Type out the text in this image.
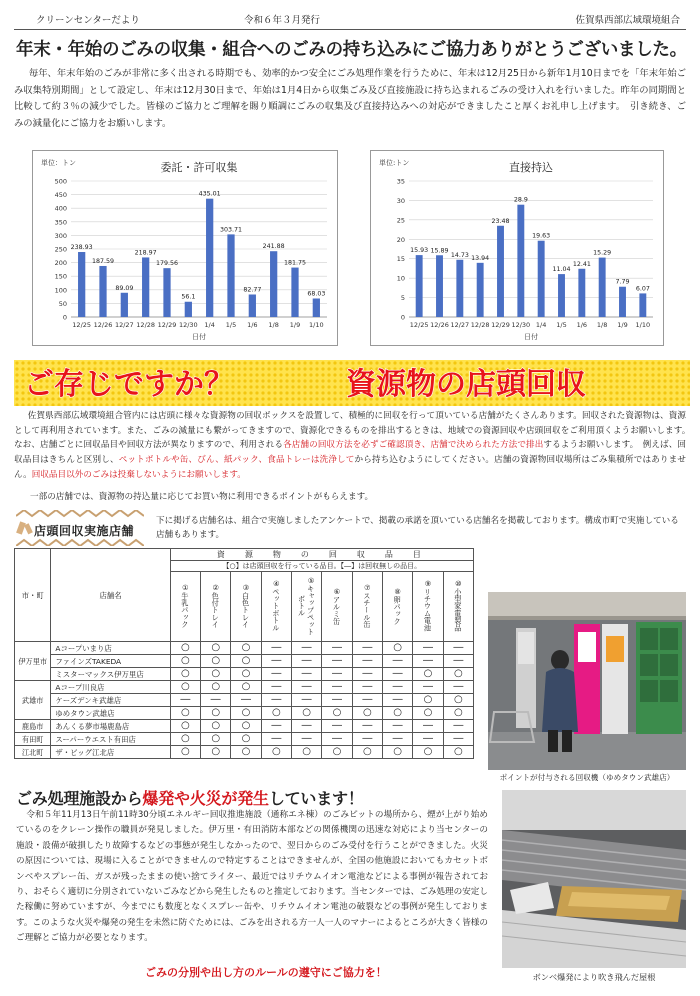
クリーンセンターだより	令和６年３月発行	佐賀県西部広域環境組合
年末・年始のごみの収集・組合へのごみの持ち込みにご協力ありがとうございました。
毎年、年末年始のごみが非常に多く出される時期でも、効率的かつ安全にごみ処理作業を行うために、年末は12月25日から新年1月10日までを「年末年始ごみ収集特別期間」として設定し、年末は12月30日まで、年始は1月4日から収集ごみ及び直接施設に持ち込まれるごみの受け入れを行いました。昨年の同期間と比較して約３％の減少でした。皆様のご協力とご理解を賜り順調にごみの収集及び直接持込みへの対応ができましたこと厚くお礼申し上げます。　引き続き、ごみの減量化にご協力をお願いします。
単位：トン	委託・許可収集
0
50
100
150
200
250
300
350
400
450
500
238.93
12/25
187.59
12/26
89.09
12/27
218.97
12/28
179.56
12/29
56.1
12/30
435.01
1/4
303.71
1/5
82.77
1/6
241.88
1/8
181.75
1/9
68.03
1/10
日付
単位:トン	直接持込
0
5
10
15
20
25
30
35
15.93
12/25
15.89
12/26
14.73
12/27
13.94
12/28
23.48
12/29
28.9
12/30
19.63
1/4
11.04
1/5
12.41
1/6
15.29
1/8
7.79
1/9
6.07
1/10
日付
ご存じですか？	資源物の店頭回収
佐賀県西部広域環境組合管内には店頭に様々な資源物の回収ボックスを設置して、積極的に回収を行って頂いている店舗がたくさんあります。回収された資源物は、資源として再利用されています。また、ごみの減量にも繋がってきますので、資源化できるものを排出するときは、地域での資源回収や店頭回収をご利用頂くようお願いします。　なお、店舗ごとに回収品目や回収方法が異なりますので、利用される各店舗の回収方法を必ずご確認頂き、店舗で決められた方法で排出するようお願いします。　例えば、回収品目はきちんと区別し、ペットボトルや缶、びん、紙パック、食品トレーは洗浄してから持ち込むようにしてください。店舗の資源物回収場所はごみ集積所ではありません。回収品目以外のごみは投棄しないようにお願いします。
一部の店舗では、資源物の持込量に応じてお買い物に利用できるポイントがもらえます。
店頭回収実施店舗
下に掲げる店舗名は、組合で実施しましたアンケートで、掲載の承諾を頂いている店舗名を掲載しております。構成市町で実施している店舗もあります。
市・町	店舗名	資　源　物　の　回　収　品　目									
		【○】は店頭回収を行っている品目。【―】は回収無しの品目。									
		①牛乳パック	②色付トレイ	③白色トレイ	④ペットボトル	⑤キャップペットボトル	⑥アルミ缶	⑦スチール缶	⑧卵パック	⑨リチウム電池	⑩小型家電製品
伊万里市	Aコープいまり店	○	○	○	―	―	―	―	○	―	―
	ファインズTAKEDA	○	○	○	―	―	―	―	―	―	―
	ミスターマックス伊万里店	○	○	○	―	―	―	―	―	○	○
武雄市	Aコープ川良店	○	○	○	―	―	―	―	―	―	―
	ケーズデンキ武雄店	―	―	―	―	―	―	―	―	○	○
	ゆめタウン武雄店	○	○	○	○	○	○	○	○	○	○
鹿島市	あんくる夢市場鹿島店	○	○	○	―	―	―	―	―	―	―
有田町	スーパーウエスト有田店	○	○	○	―	―	―	―	―	―	―
江北町	ザ・ビッグ江北店	○	○	○	○	○	○	○	○	○	○
ポイントが付与される回収機（ゆめタウン武雄店）
ごみ処理施設から爆発や火災が発生しています！
令和５年11月13日午前11時30分頃エネルギー回収推進施設（通称エネ棟）のごみピットの場所から、煙が上がり始めているのをクレーン操作の職員が発見しました。伊万里・有田消防本部などの関係機関の迅速な対応により当センターの施設・設備が破損したり故障するなどの事態が発生しなかったので、翌日からのごみ受付を行うことができました。火災の原因については、現場に入ることができませんので特定することはできませんが、全国の他施設においてもカセットボンベやスプレー缶、ガスが残ったままの使い捨てライター、最近ではリチウムイオン電池などによる事例が報告されており、おそらく適切に分別されていないごみなどから発生したものと推定しております。当センターでは、ごみ処理の安定した稼働に努めていますが、今までにも数度となくスプレー缶や、リチウムイオン電池の破裂などの事例が発生しております。このような火災や爆発の発生を未然に防ぐためには、ごみを出される方一人一人のマナーによるところが大きく皆様のご理解とご協力が必要となります。
ごみの分別や出し方のルールの遵守にご協力を！	ボンベ爆発により吹き飛んだ屋根
